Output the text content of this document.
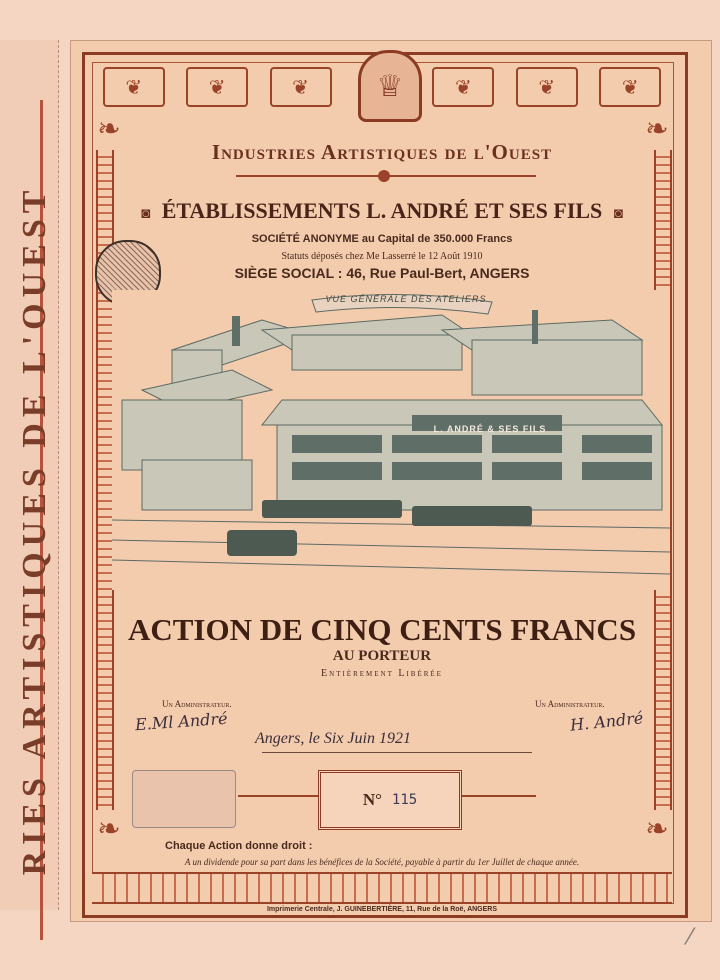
RIES ARTISTIQUES DE L'OUEST
❦	❦	❦	❦	❦	❦
♕
❧	❧
❧	❧
Industries Artistiques de l'Ouest
◙ ÉTABLISSEMENTS L. ANDRÉ ET SES FILS ◙
SOCIÉTÉ ANONYME au Capital de 350.000 Francs
Statuts déposés chez Me Lasserré le 12 Août 1910
SIÈGE SOCIAL : 46, Rue Paul-Bert, ANGERS
VUE GÉNÉRALE DES ATELIERS
L. ANDRÉ & SES FILS
ACTION DE CINQ CENTS FRANCS
AU PORTEUR
Entièrement Libérée
Un Administrateur.	Un Administrateur.
E.Ml André	H. André
Angers, le Six Juin 1921
N° 115
Chaque Action donne droit :
A un dividende pour sa part dans les bénéfices de la Société, payable à partir du 1er Juillet de chaque année.
Imprimerie Centrale, J. GUINEBERTIÈRE, 11, Rue de la Roë, ANGERS
⁄
